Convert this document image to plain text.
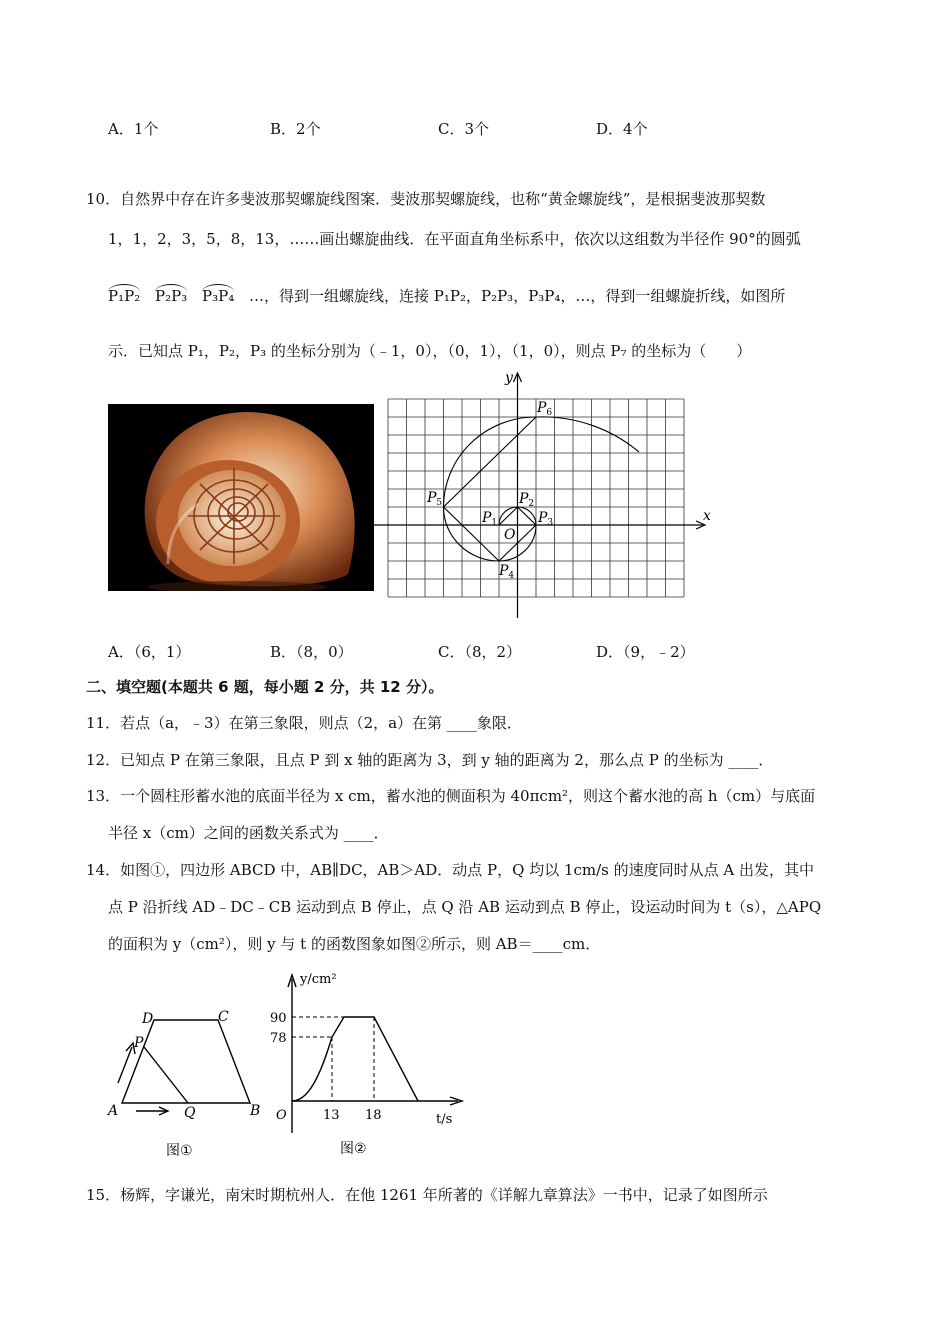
A．1个	B．2个	C．3个	D．4个
10．自然界中存在许多斐波那契螺旋线图案．斐波那契螺旋线，也称“黄金螺旋线”，是根据斐波那契数
1，1，2，3，5，8，13，……画出螺旋曲线．在平面直角坐标系中，依次以这组数为半径作 90°的圆弧
P₁P₂ P₂P₃ P₃P₄ …，得到一组螺旋线，连接 P₁P₂，P₂P₃，P₃P₄，…，得到一组螺旋折线，如图所
示．已知点 P₁，P₂，P₃ 的坐标分别为（﹣1，0），（0，1），（1，0），则点 P₇ 的坐标为（　　）
y
x
O
$P_1$
$P_2$
$P_3$
$P_4$
$P_5$
$P_6$
A．（6，1）	B．（8，0）	C．（8，2）	D．（9，﹣2）
二、填空题(本题共 6 题，每小题 2 分，共 12 分）。
11．若点（a，﹣3）在第三象限，则点（2，a）在第 ____象限．
12．已知点 P 在第三象限，且点 P 到 x 轴的距离为 3，到 y 轴的距离为 2，那么点 P 的坐标为 ____．
13．一个圆柱形蓄水池的底面半径为 x cm，蓄水池的侧面积为 40πcm²，则这个蓄水池的高 h（cm）与底面
半径 x（cm）之间的函数关系式为 ____．
14．如图①，四边形 ABCD 中，AB∥DC，AB＞AD．动点 P，Q 均以 1cm/s 的速度同时从点 A 出发，其中
点 P 沿折线 AD﹣DC﹣CB 运动到点 B 停止，点 Q 沿 AB 运动到点 B 停止，设运动时间为 t（s），△APQ
的面积为 y（cm²），则 y 与 t 的函数图象如图②所示，则 AB＝____cm．
A	B
C
D
P
Q
图①
y/cm²
t/s
O
90
78
13 18
图②
15．杨辉，字谦光，南宋时期杭州人．在他 1261 年所著的《详解九章算法》一书中，记录了如图所示
